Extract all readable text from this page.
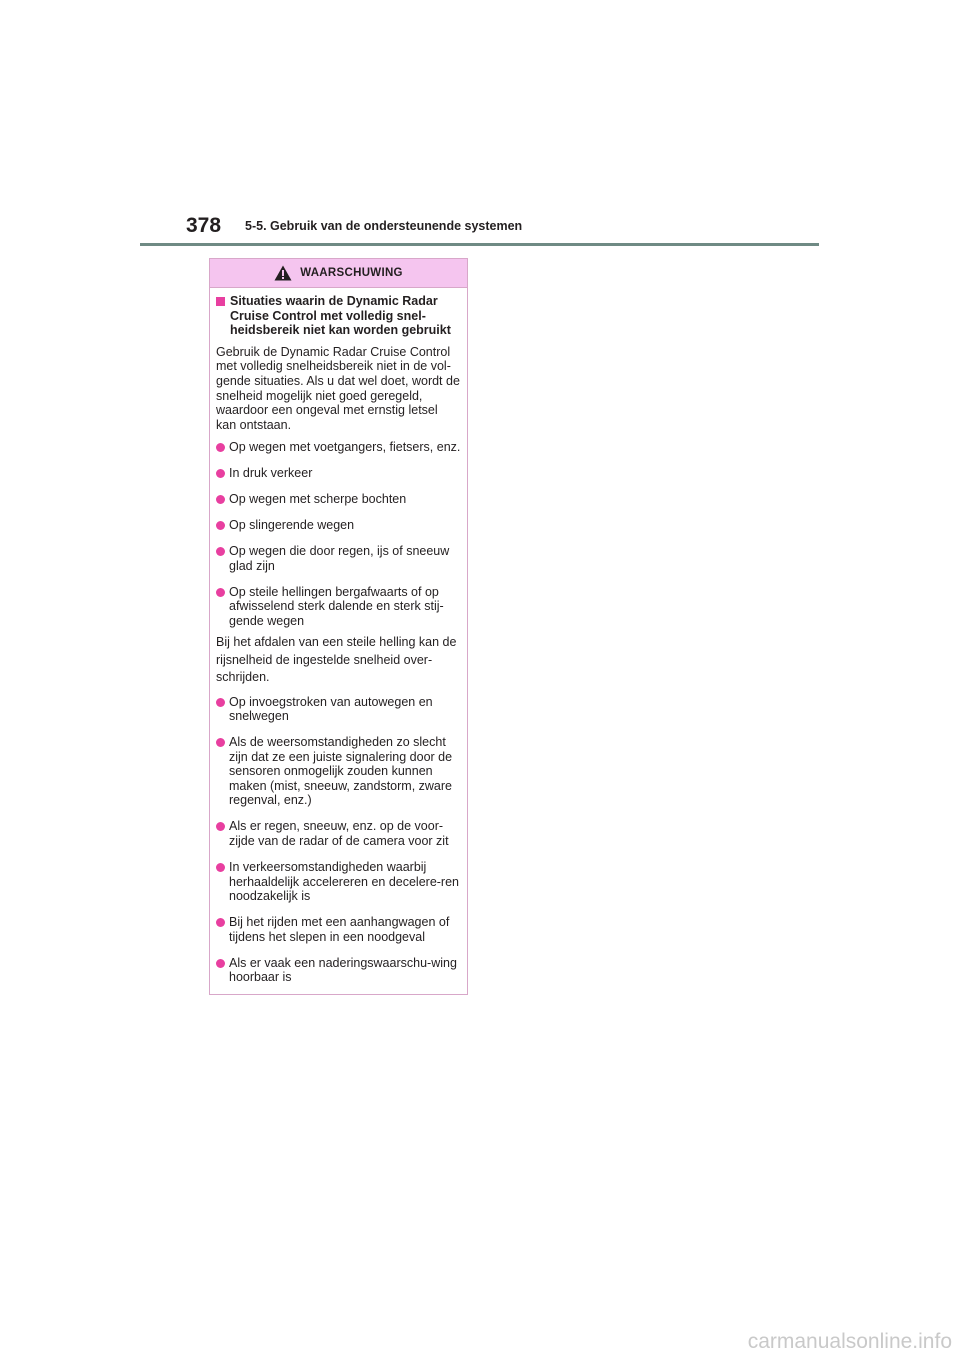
378 5-5. Gebruik van de ondersteunende systemen
WAARSCHUWING
Situaties waarin de Dynamic Radar Cruise Control met volledig snel-heidsbereik niet kan worden gebruikt
Gebruik de Dynamic Radar Cruise Control met volledig snelheidsbereik niet in de vol-gende situaties. Als u dat wel doet, wordt de snelheid mogelijk niet goed geregeld, waardoor een ongeval met ernstig letsel kan ontstaan.
Op wegen met voetgangers, fietsers, enz.
In druk verkeer
Op wegen met scherpe bochten
Op slingerende wegen
Op wegen die door regen, ijs of sneeuw glad zijn
Op steile hellingen bergafwaarts of op afwisselend sterk dalende en sterk stij-gende wegen
Bij het afdalen van een steile helling kan de rijsnelheid de ingestelde snelheid over-schrijden.
Op invoegstroken van autowegen en snelwegen
Als de weersomstandigheden zo slecht zijn dat ze een juiste signalering door de sensoren onmogelijk zouden kunnen maken (mist, sneeuw, zandstorm, zware regenval, enz.)
Als er regen, sneeuw, enz. op de voor-zijde van de radar of de camera voor zit
In verkeersomstandigheden waarbij herhaaldelijk accelereren en decelere-ren noodzakelijk is
Bij het rijden met een aanhangwagen of tijdens het slepen in een noodgeval
Als er vaak een naderingswaarschu-wing hoorbaar is
carmanualsonline.info
